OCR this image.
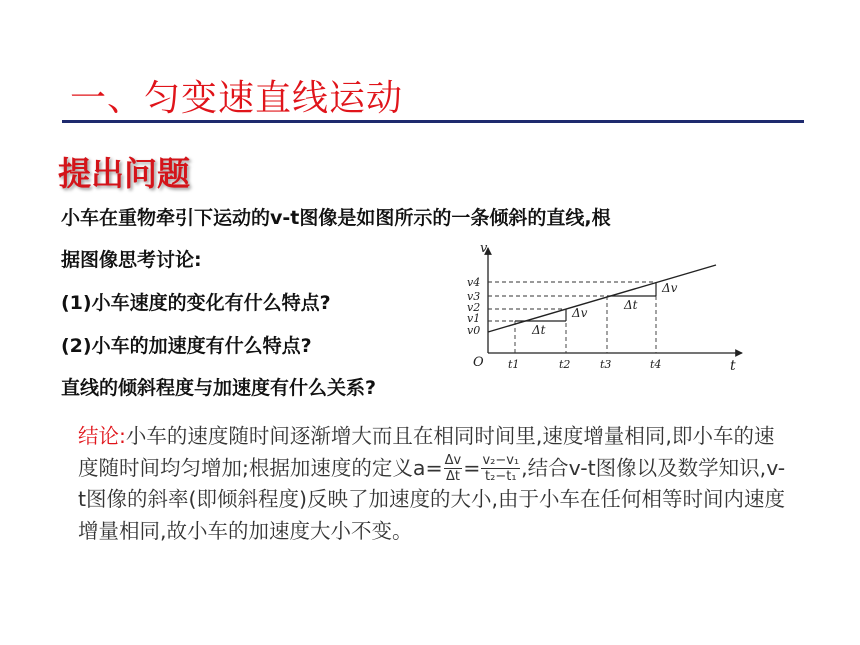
一、匀变速直线运动
提出问题
小车在重物牵引下运动的v-t图像是如图所示的一条倾斜的直线,根
据图像思考讨论:
(1)小车速度的变化有什么特点?
(2)小车的加速度有什么特点?
直线的倾斜程度与加速度有什么关系?
v
t
O
v4
v3
v2
v1
v0
t1	t2	t3	t4
Δt
Δv
Δt
Δv
结论:小车的速度随时间逐渐增大而且在相同时间里,速度增量相同,即小车的速度随时间均匀增加;根据加速度的定义$a= \frac{\Delta v}{\Delta t} = \frac{\text{v₂−v₁}}{\text{t₂−t₁}}$ ,结合v-t图像以及数学知识,v-t图像的斜率(即倾斜程度)反映了加速度的大小,由于小车在任何相等时间内速度增量相同,故小车的加速度大小不变。
